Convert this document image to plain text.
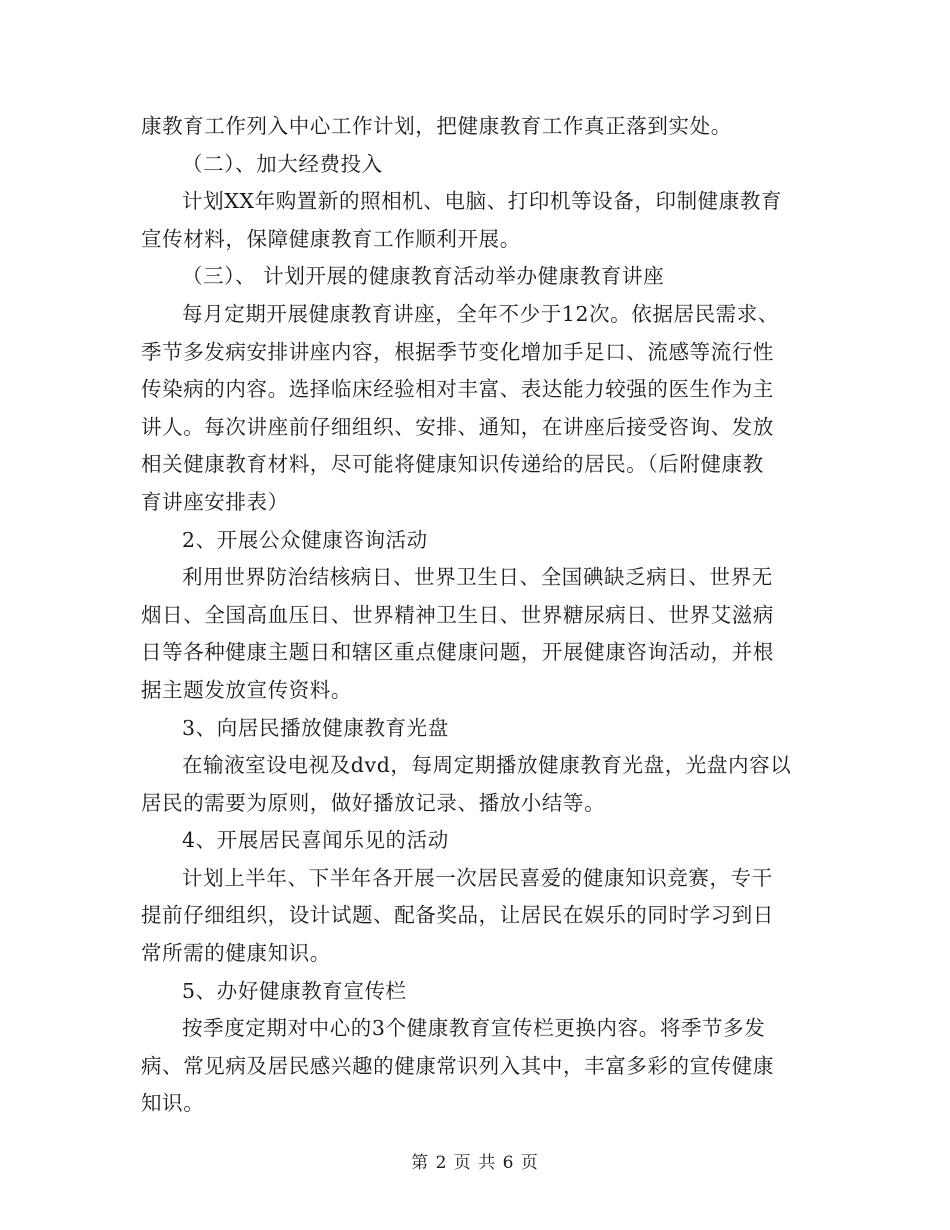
康教育工作列入中心工作计划，把健康教育工作真正落到实处。
（二）、加大经费投入
计划XX年购置新的照相机、电脑、打印机等设备，印制健康教育
宣传材料，保障健康教育工作顺利开展。
（三）、 计划开展的健康教育活动举办健康教育讲座
每月定期开展健康教育讲座，全年不少于12次。依据居民需求、
季节多发病安排讲座内容，根据季节变化增加手足口、流感等流行性
传染病的内容。选择临床经验相对丰富、表达能力较强的医生作为主
讲人。每次讲座前仔细组织、安排、通知，在讲座后接受咨询、发放
相关健康教育材料，尽可能将健康知识传递给的居民。（后附健康教
育讲座安排表）
2、开展公众健康咨询活动
利用世界防治结核病日、世界卫生日、全国碘缺乏病日、世界无
烟日、全国高血压日、世界精神卫生日、世界糖尿病日、世界艾滋病
日等各种健康主题日和辖区重点健康问题，开展健康咨询活动，并根
据主题发放宣传资料。
3、向居民播放健康教育光盘
在输液室设电视及dvd，每周定期播放健康教育光盘，光盘内容以
居民的需要为原则，做好播放记录、播放小结等。
4、开展居民喜闻乐见的活动
计划上半年、下半年各开展一次居民喜爱的健康知识竞赛，专干
提前仔细组织，设计试题、配备奖品，让居民在娱乐的同时学习到日
常所需的健康知识。
5、办好健康教育宣传栏
按季度定期对中心的3个健康教育宣传栏更换内容。将季节多发
病、常见病及居民感兴趣的健康常识列入其中，丰富多彩的宣传健康
知识。
第 2 页 共 6 页
